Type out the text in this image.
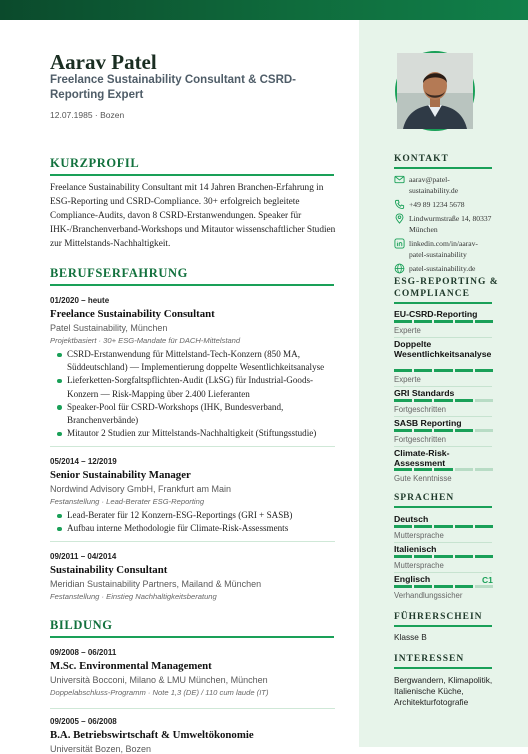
Aarav Patel
Freelance Sustainability Consultant & CSRD-Reporting Expert
12.07.1985 · Bozen
KURZPROFIL
Freelance Sustainability Consultant mit 14 Jahren Branchen-Erfahrung in ESG-Reporting und CSRD-Compliance. 30+ erfolgreich begleitete Compliance-Audits, davon 8 CSRD-Erstanwendungen. Speaker für IHK-/Branchenverband-Workshops und Mitautor wissenschaftlicher Studien zur Mittelstands-Nachhaltigkeit.
BERUFSERFAHRUNG
01/2020 – heute
Freelance Sustainability Consultant
Patel Sustainability, München
Projektbasiert · 30+ ESG-Mandate für DACH-Mittelstand
CSRD-Erstanwendung für Mittelstand-Tech-Konzern (850 MA, Süddeutschland) — Implementierung doppelte Wesentlichkeitsanalyse
Lieferketten-Sorgfaltspflichten-Audit (LkSG) für Industrial-Goods-Konzern — Risk-Mapping über 2.400 Lieferanten
Speaker-Pool für CSRD-Workshops (IHK, Bundesverband, Branchenverbände)
Mitautor 2 Studien zur Mittelstands-Nachhaltigkeit (Stiftungsstudie)
05/2014 – 12/2019
Senior Sustainability Manager
Nordwind Advisory GmbH, Frankfurt am Main
Festanstellung · Lead-Berater ESG-Reporting
Lead-Berater für 12 Konzern-ESG-Reportings (GRI + SASB)
Aufbau interne Methodologie für Climate-Risk-Assessments
09/2011 – 04/2014
Sustainability Consultant
Meridian Sustainability Partners, Mailand & München
Festanstellung · Einstieg Nachhaltigkeitsberatung
BILDUNG
09/2008 – 06/2011
M.Sc. Environmental Management
Università Bocconi, Milano & LMU München, München
Doppelabschluss-Programm · Note 1,3 (DE) / 110 cum laude (IT)
09/2005 – 06/2008
B.A. Betriebswirtschaft & Umweltökonomie
Universität Bozen, Bozen
KONTAKT
aarav@patel-sustainability.de
+49 89 1234 5678
Lindwurmstraße 14, 80337 München
linkedin.com/in/aarav-patel-sustainability
patel-sustainability.de
ESG-REPORTING & COMPLIANCE
EU-CSRD-Reporting
Experte
Doppelte Wesentlichkeitsanalyse
Experte
GRI Standards
Fortgeschritten
SASB Reporting
Fortgeschritten
Climate-Risk-Assessment
Gute Kenntnisse
SPRACHEN
Deutsch
Muttersprache
Italienisch
Muttersprache
Englisch	C1
Verhandlungssicher
FÜHRERSCHEIN
Klasse B
INTERESSEN
Bergwandern, Klimapolitik, Italienische Küche, Architekturfotografie
